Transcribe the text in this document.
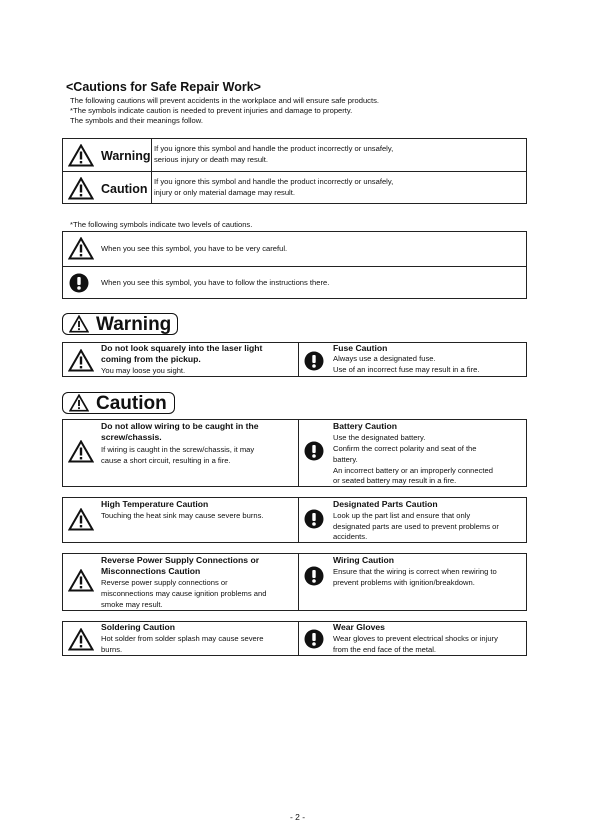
<Cautions for Safe Repair Work>
The following cautions will prevent accidents in the workplace and will ensure safe products.
*The symbols indicate caution is needed to prevent injuries and damage to property.
The symbols and their meanings follow.
Warning
If you ignore this symbol and handle the product incorrectly or unsafely,
serious injury or death may result.
Caution
If you ignore this symbol and handle the product incorrectly or unsafely,
injury or only material damage may result.
*The following symbols indicate two levels of cautions.
When you see this symbol, you have to be very careful.
When you see this symbol, you have to follow the instructions there.
Warning
Do not look squarely into the laser light
coming from the pickup.
You may loose you sight.
Fuse Caution
Always use a designated fuse.
Use of an incorrect fuse may result in a fire.
Caution
Do not allow wiring to be caught in the
screw/chassis.
If wiring is caught in the screw/chassis, it may
cause a short circuit, resulting in a fire.
Battery Caution
Use the designated battery.
Confirm the correct polarity and seat of the
battery.
An incorrect battery or an improperly connected
or seated battery may result in a fire.
High Temperature Caution
Touching the heat sink may cause severe burns.
Designated Parts Caution
Look up the part list and ensure that only
designated parts are used to prevent problems or
accidents.
Reverse Power Supply Connections or
Misconnections Caution
Reverse power supply connections or
misconnections may cause ignition problems and
smoke may result.
Wiring Caution
Ensure that the wiring is correct when rewiring to
prevent problems with ignition/breakdown.
Soldering Caution
Hot solder from solder splash may cause severe
burns.
Wear Gloves
Wear gloves to prevent electrical shocks or injury
from the end face of the metal.
- 2 -
